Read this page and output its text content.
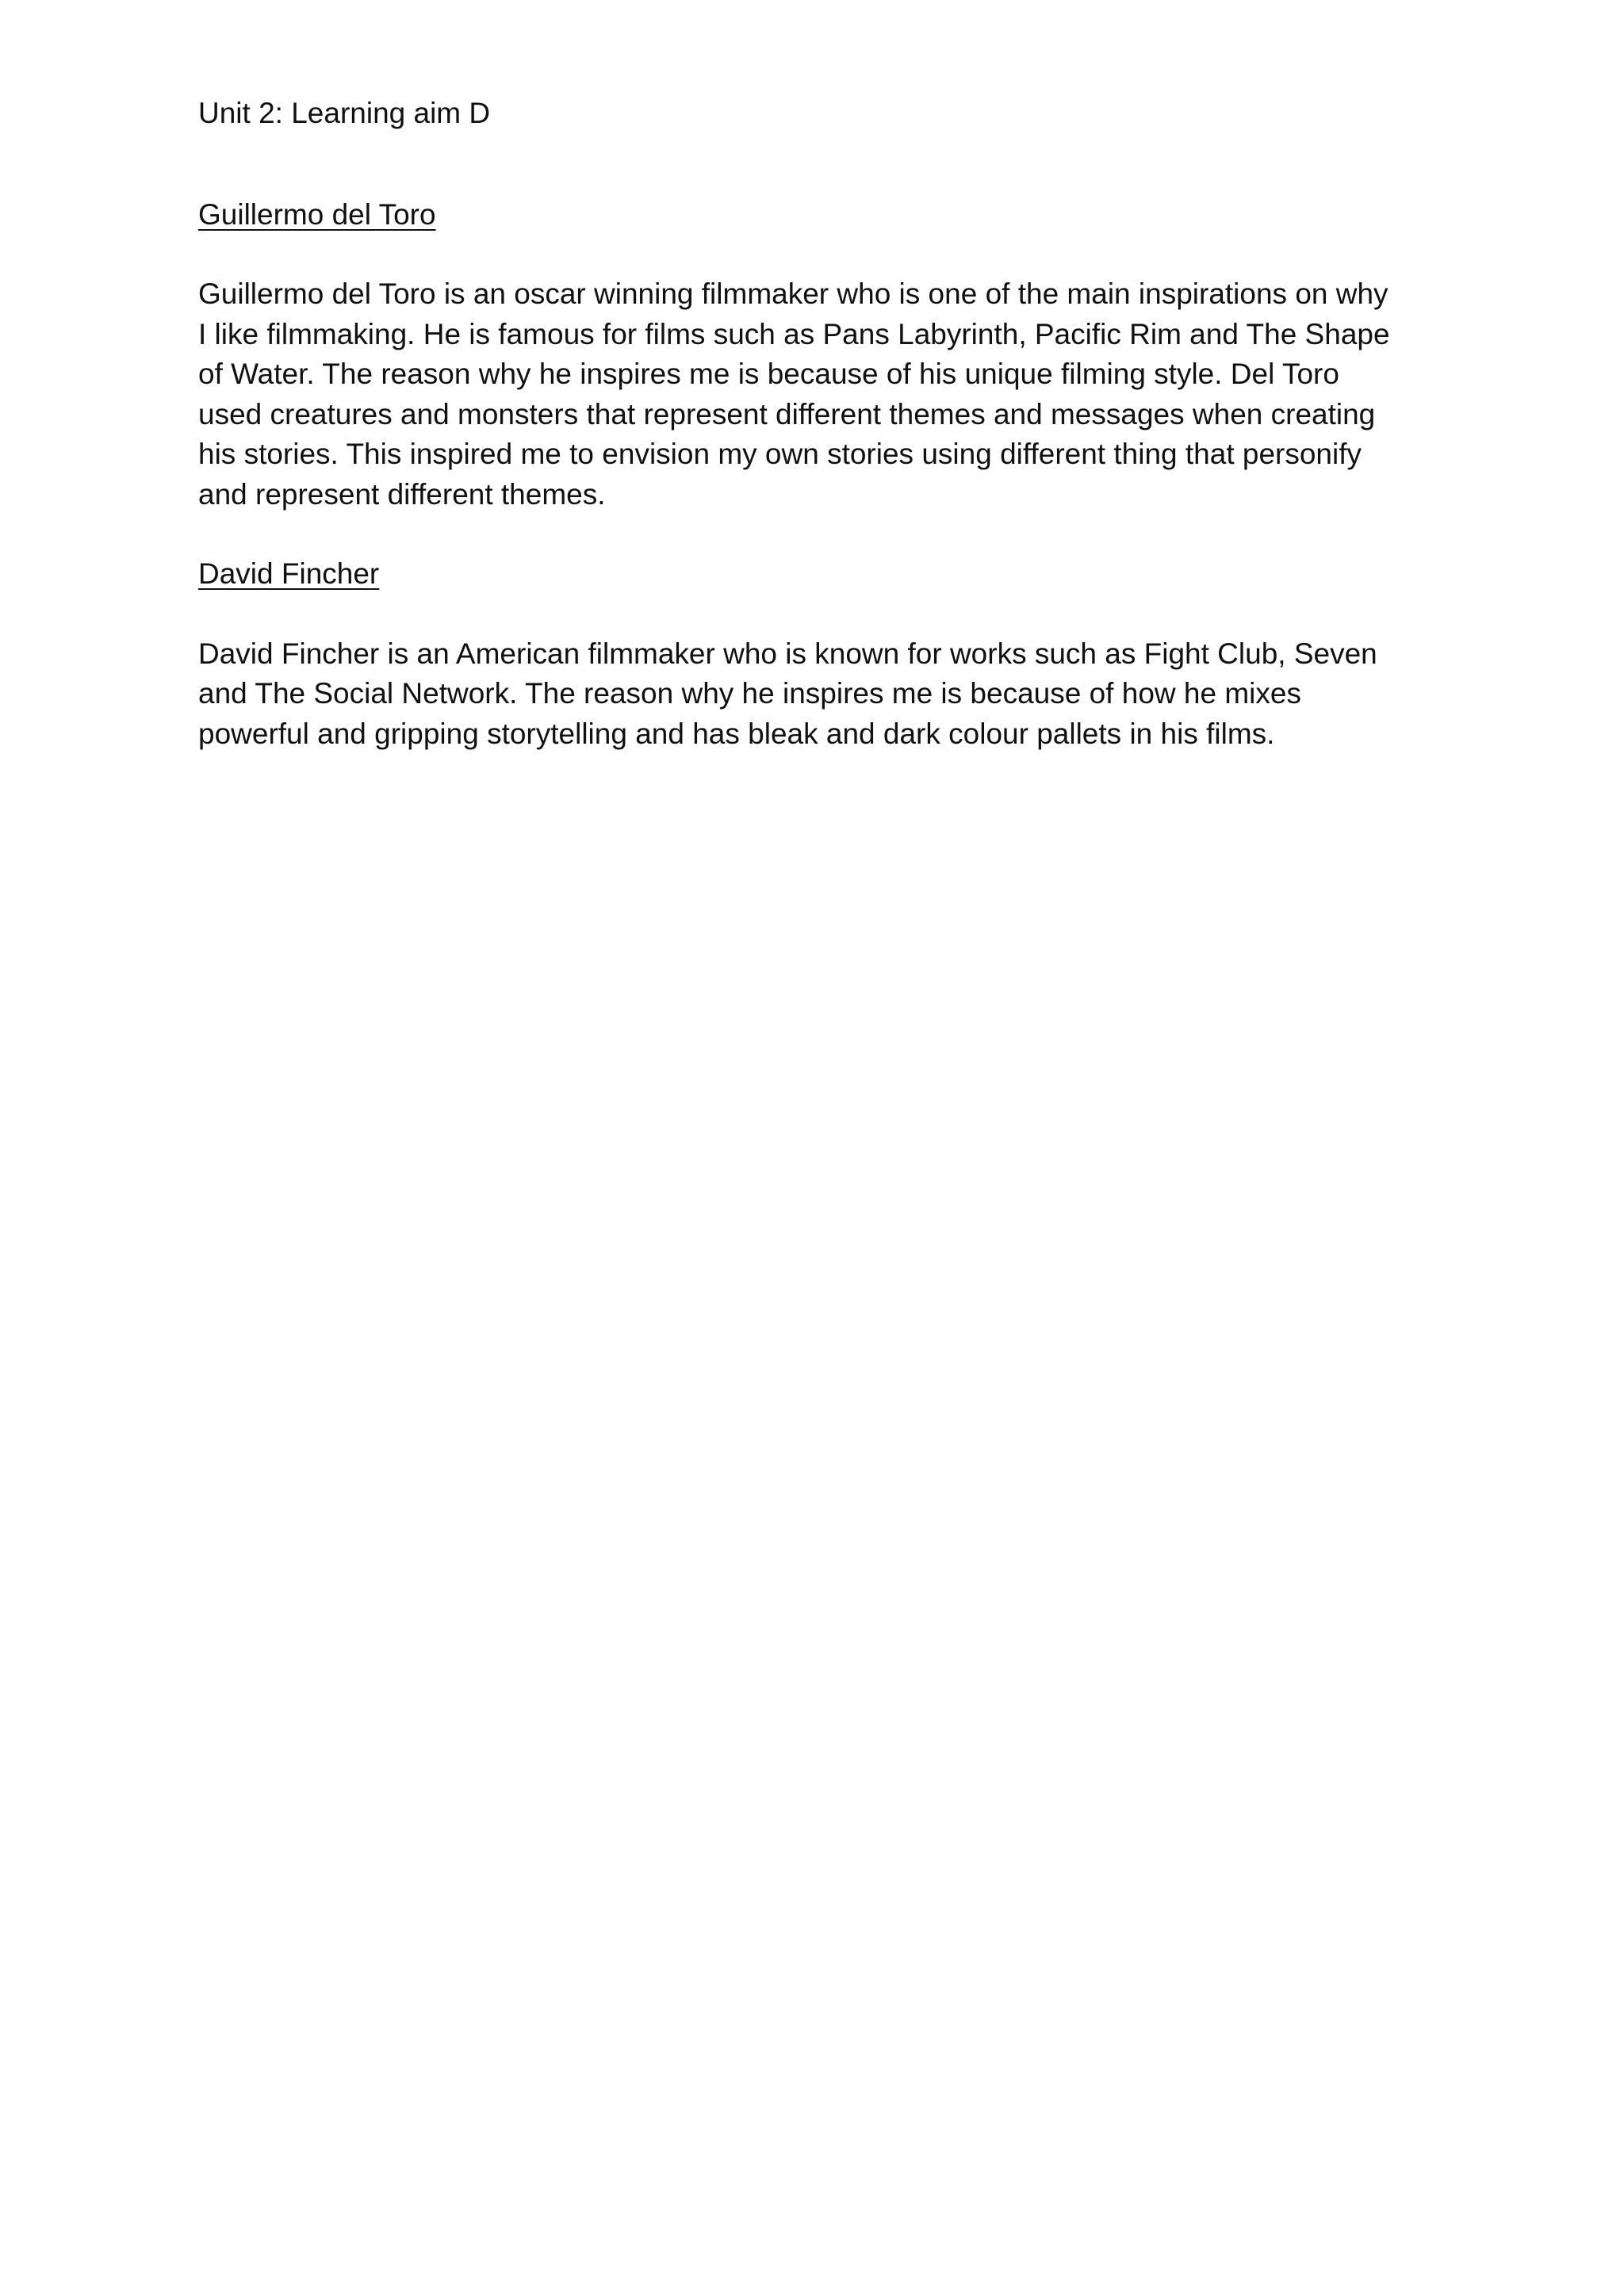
Unit 2: Learning aim D

Guillermo del Toro

Guillermo del Toro is an oscar winning filmmaker who is one of the main inspirations on why
I like filmmaking. He is famous for films such as Pans Labyrinth, Pacific Rim and The Shape
of Water. The reason why he inspires me is because of his unique filming style. Del Toro
used creatures and monsters that represent different themes and messages when creating
his stories. This inspired me to envision my own stories using different thing that personify
and represent different themes.

David Fincher

David Fincher is an American filmmaker who is known for works such as Fight Club, Seven
and The Social Network. The reason why he inspires me is because of how he mixes
powerful and gripping storytelling and has bleak and dark colour pallets in his films.
